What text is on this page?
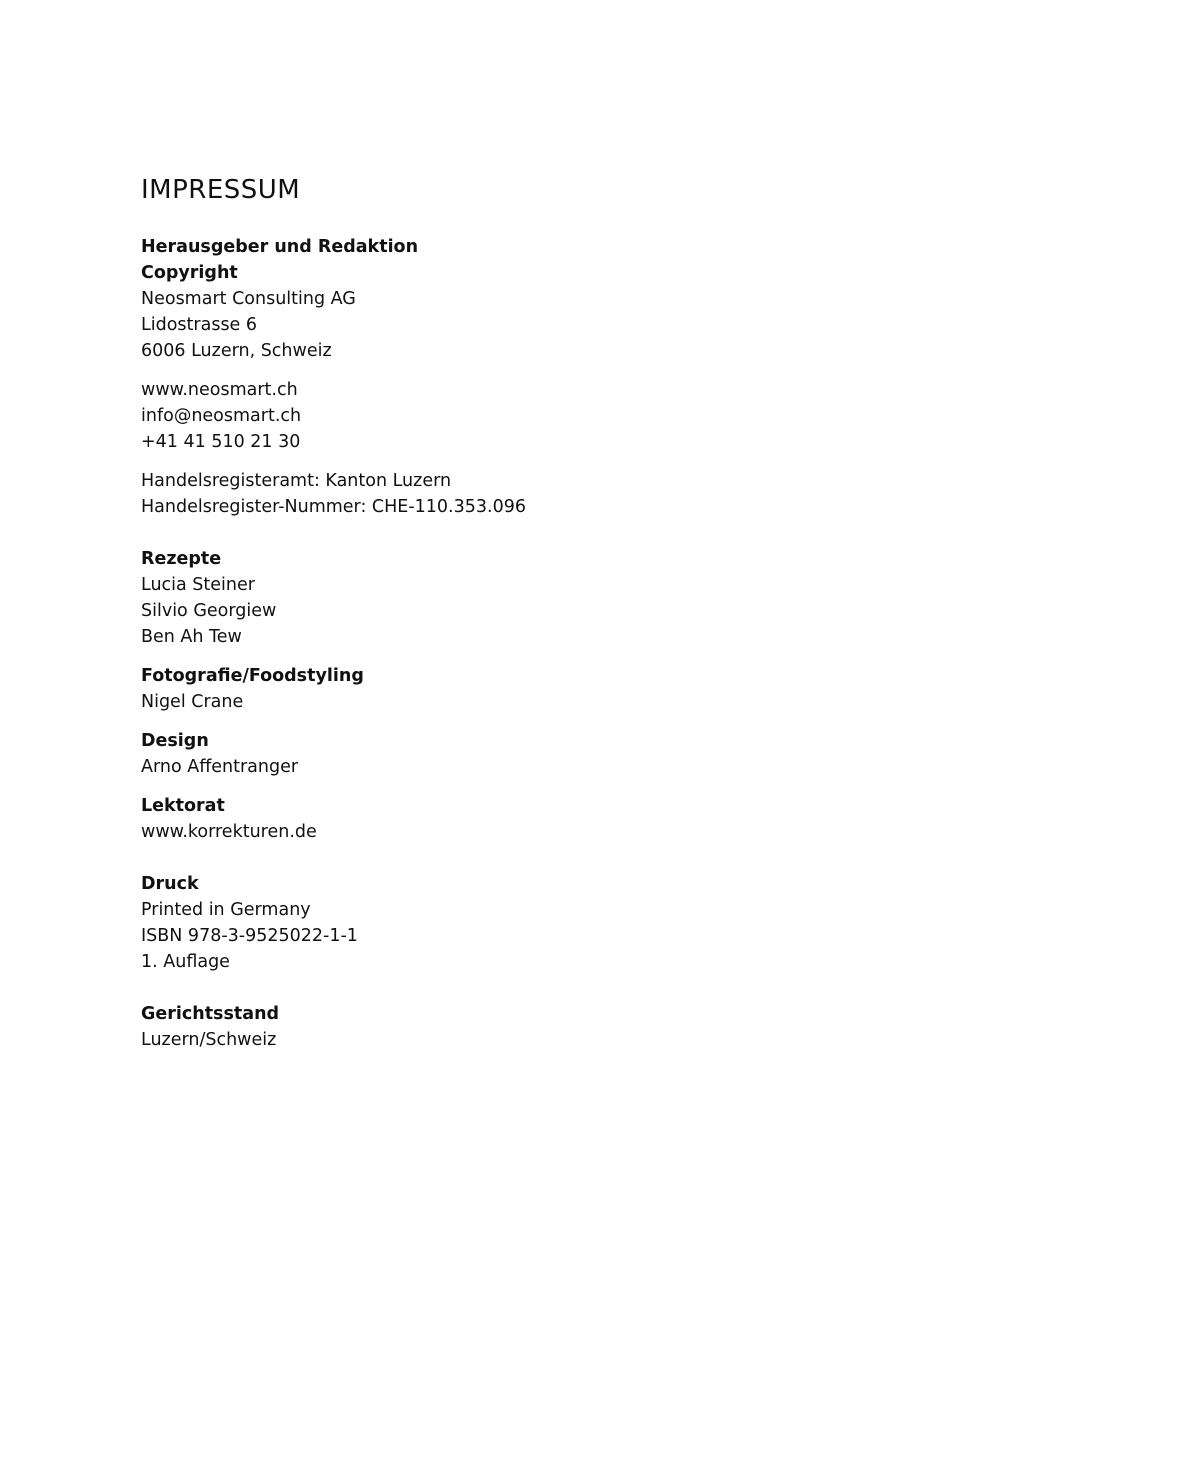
IMPRESSUM
Herausgeber und Redaktion
Copyright
Neosmart Consulting AG
Lidostrasse 6
6006 Luzern, Schweiz
www.neosmart.ch
info@neosmart.ch
+41 41 510 21 30
Handelsregisteramt: Kanton Luzern
Handelsregister-Nummer: CHE-110.353.096
Rezepte
Lucia Steiner
Silvio Georgiew
Ben Ah Tew
Fotografie/Foodstyling
Nigel Crane
Design
Arno Affentranger
Lektorat
www.korrekturen.de
Druck
Printed in Germany
ISBN 978-3-9525022-1-1
1. Auflage
Gerichtsstand
Luzern/Schweiz
